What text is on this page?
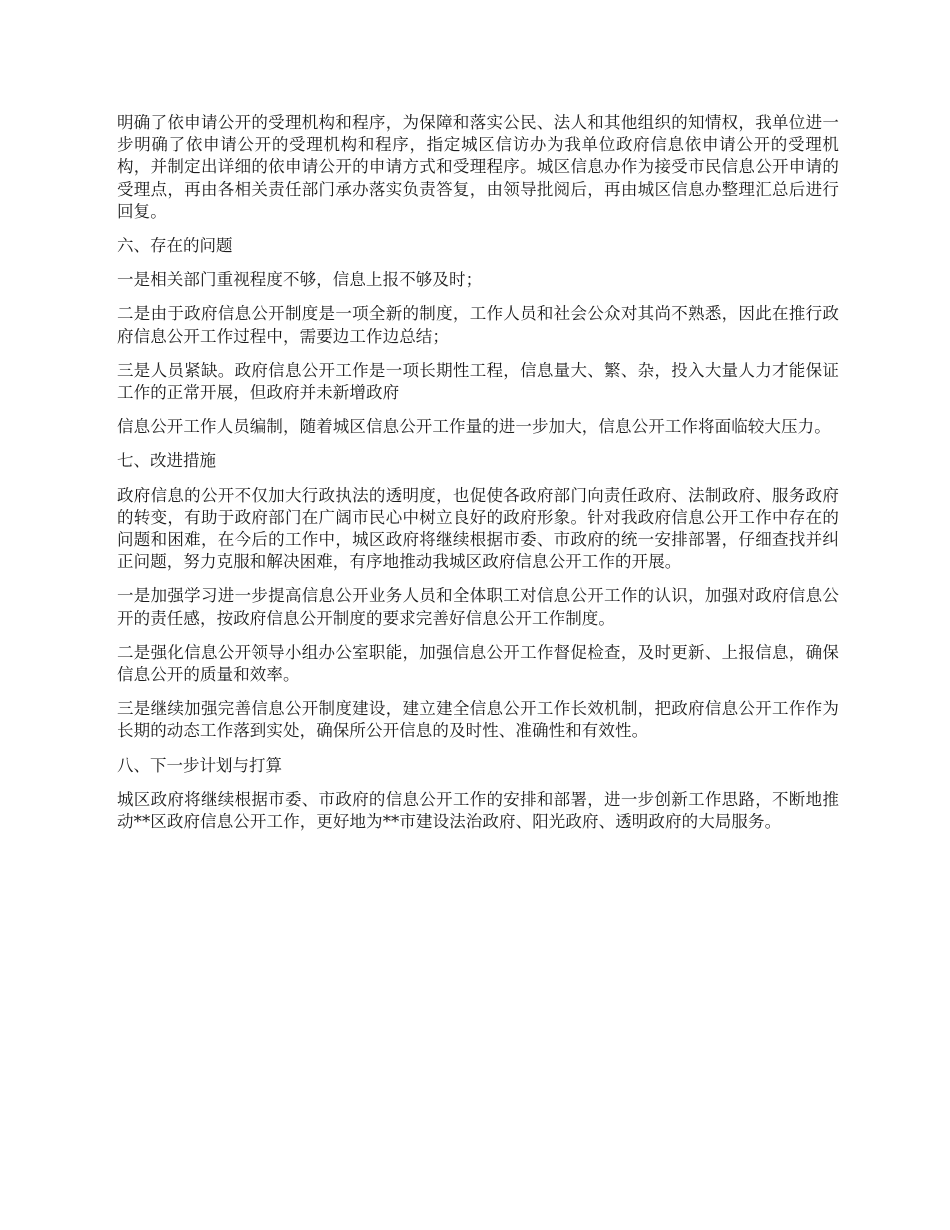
明确了依申请公开的受理机构和程序，为保障和落实公民、法人和其他组织的知情权，我单位进一步明确了依申请公开的受理机构和程序，指定城区信访办为我单位政府信息依申请公开的受理机构，并制定出详细的依申请公开的申请方式和受理程序。城区信息办作为接受市民信息公开申请的受理点，再由各相关责任部门承办落实负责答复，由领导批阅后，再由城区信息办整理汇总后进行回复。

六、存在的问题

一是相关部门重视程度不够，信息上报不够及时；

二是由于政府信息公开制度是一项全新的制度，工作人员和社会公众对其尚不熟悉，因此在推行政府信息公开工作过程中，需要边工作边总结；

三是人员紧缺。政府信息公开工作是一项长期性工程，信息量大、繁、杂，投入大量人力才能保证工作的正常开展，但政府并未新增政府

信息公开工作人员编制，随着城区信息公开工作量的进一步加大，信息公开工作将面临较大压力。

七、改进措施

政府信息的公开不仅加大行政执法的透明度，也促使各政府部门向责任政府、法制政府、服务政府的转变，有助于政府部门在广阔市民心中树立良好的政府形象。针对我政府信息公开工作中存在的问题和困难，在今后的工作中，城区政府将继续根据市委、市政府的统一安排部署，仔细查找并纠正问题，努力克服和解决困难，有序地推动我城区政府信息公开工作的开展。

一是加强学习进一步提高信息公开业务人员和全体职工对信息公开工作的认识，加强对政府信息公开的责任感，按政府信息公开制度的要求完善好信息公开工作制度。

二是强化信息公开领导小组办公室职能，加强信息公开工作督促检查，及时更新、上报信息，确保信息公开的质量和效率。

三是继续加强完善信息公开制度建设，建立建全信息公开工作长效机制，把政府信息公开工作作为长期的动态工作落到实处，确保所公开信息的及时性、准确性和有效性。

八、下一步计划与打算

城区政府将继续根据市委、市政府的信息公开工作的安排和部署，进一步创新工作思路，不断地推动**区政府信息公开工作，更好地为**市建设法治政府、阳光政府、透明政府的大局服务。
